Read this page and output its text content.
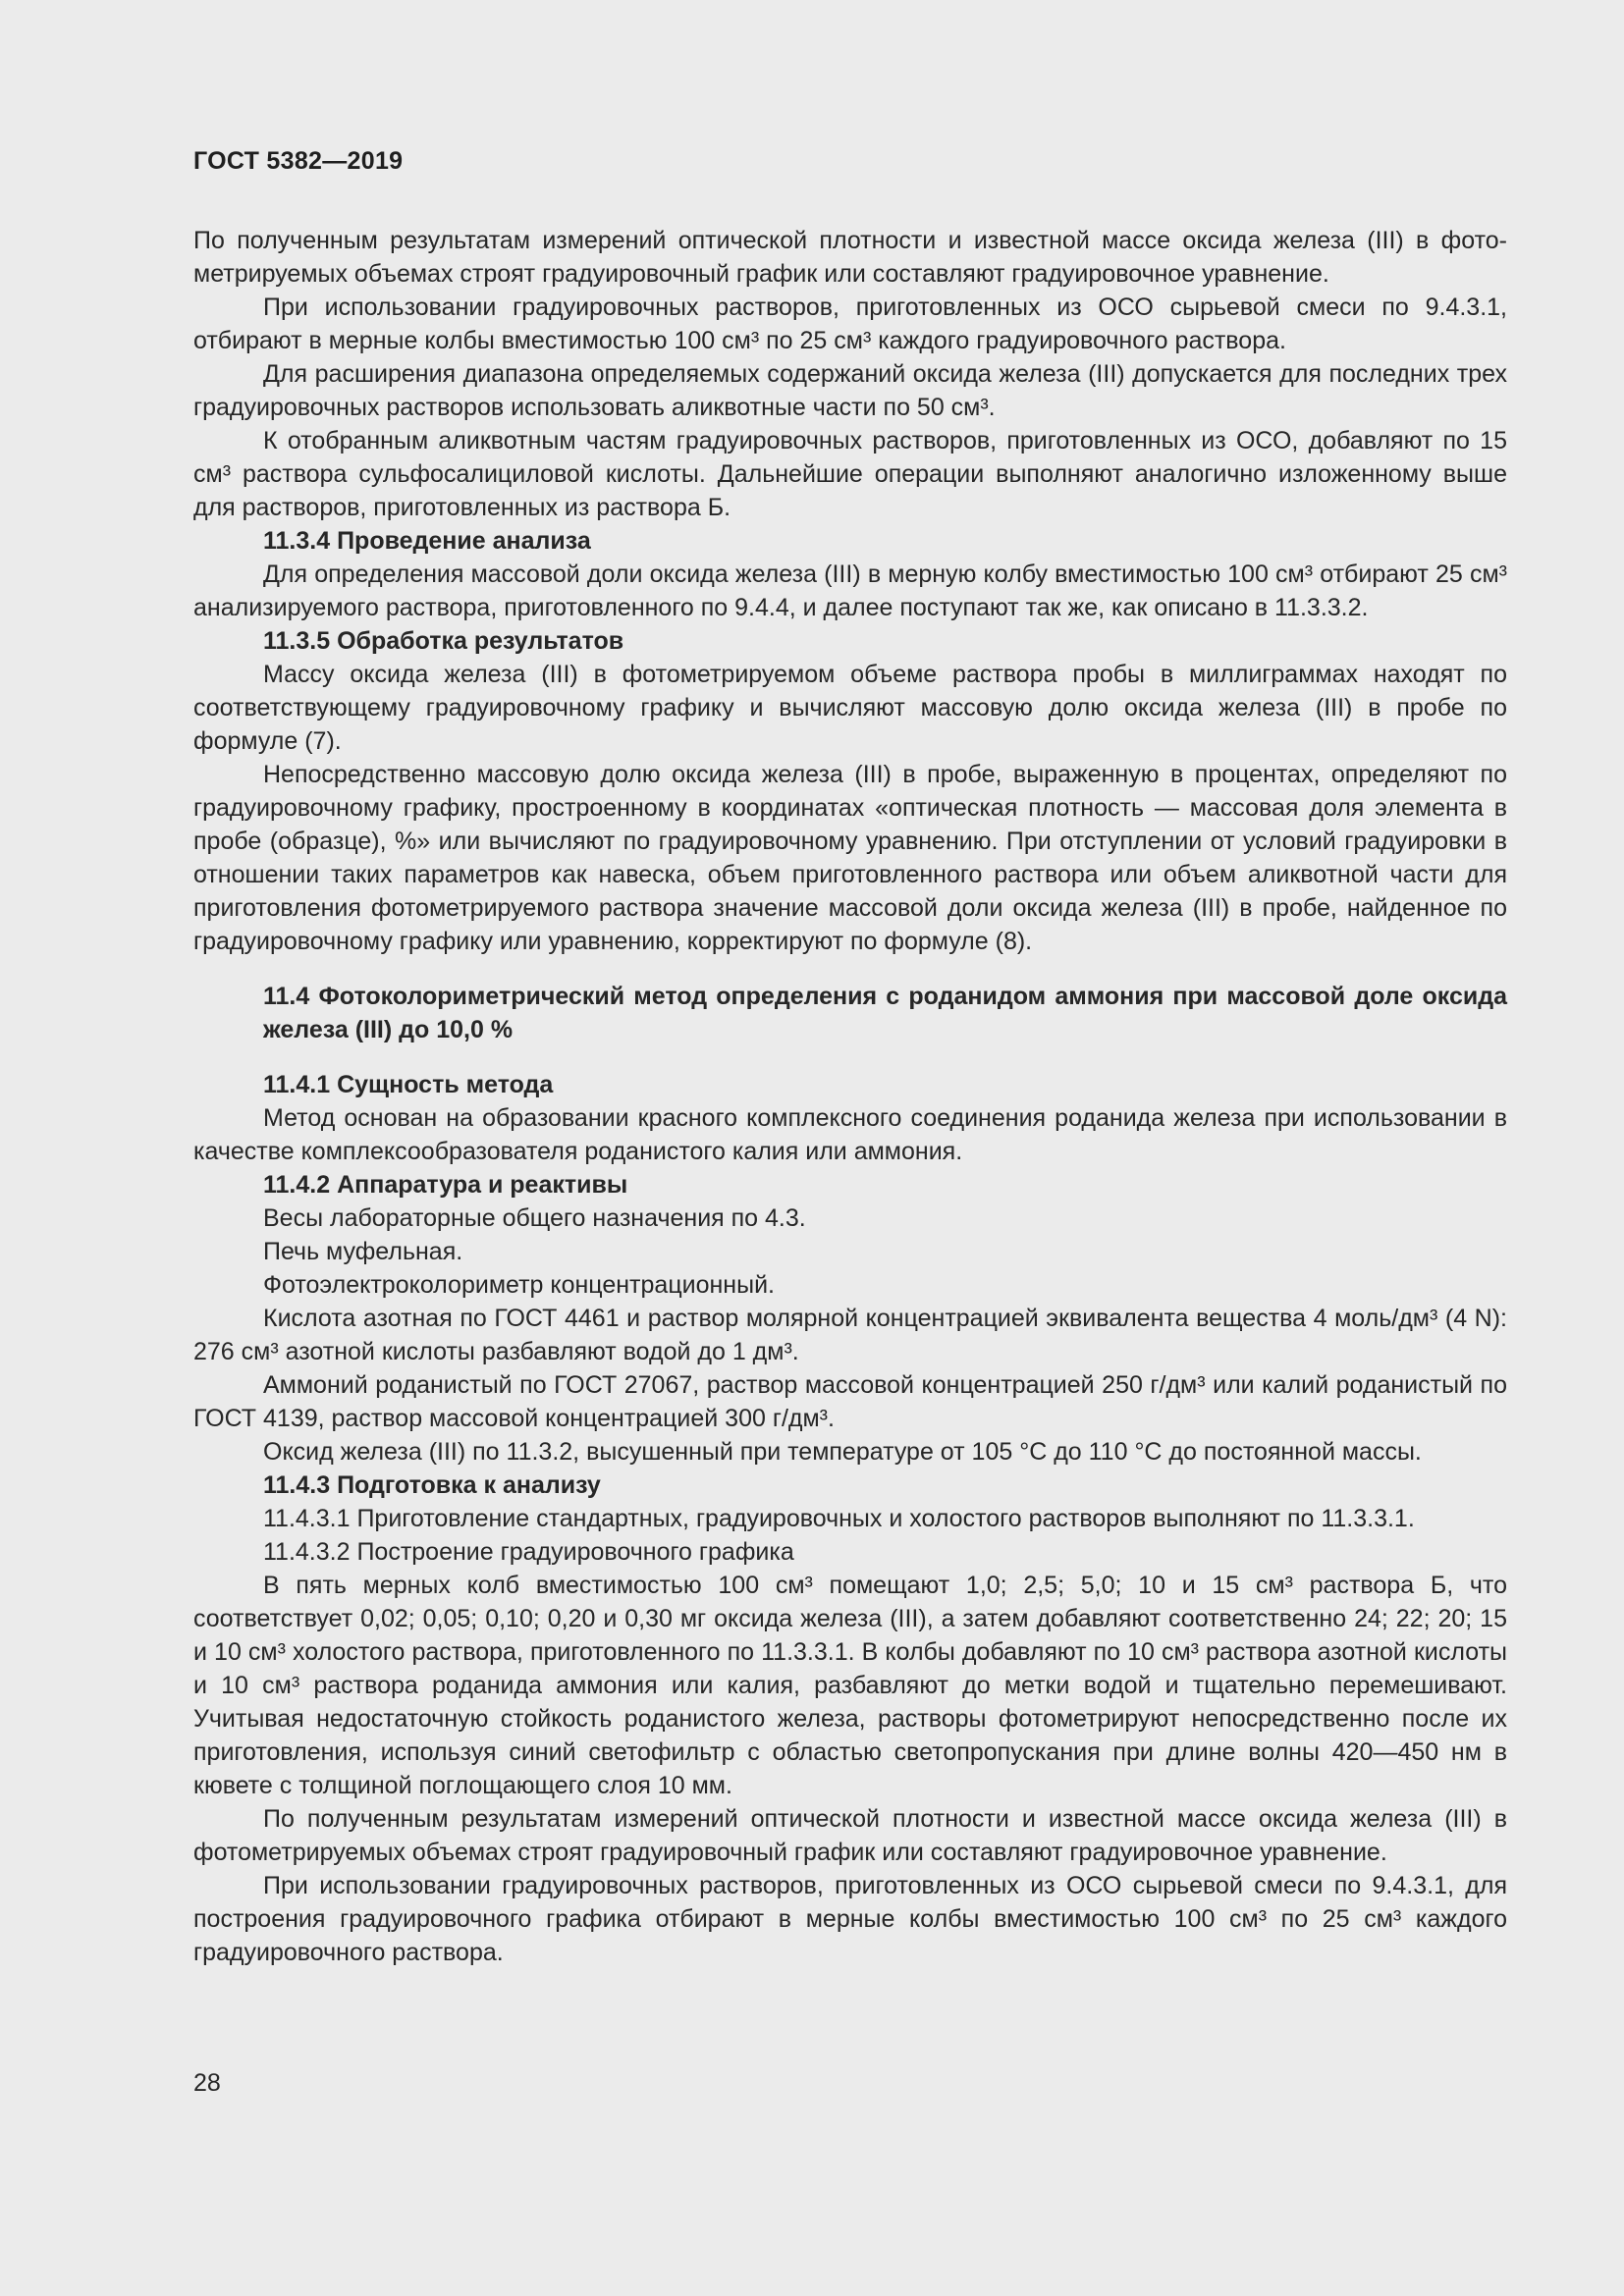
ГОСТ 5382—2019

По полученным результатам измерений оптической плотности и известной массе оксида железа (III) в фотометрируемых объемах строят градуировочный график или составляют градуировочное уравнение.

При использовании градуировочных растворов, приготовленных из ОСО сырьевой смеси по 9.4.3.1, отбирают в мерные колбы вместимостью 100 см³ по 25 см³ каждого градуировочного раствора.

Для расширения диапазона определяемых содержаний оксида железа (III) допускается для последних трех градуировочных растворов использовать аликвотные части по 50 см³.

К отобранным аликвотным частям градуировочных растворов, приготовленных из ОСО, добавляют по 15 см³ раствора сульфосалициловой кислоты. Дальнейшие операции выполняют аналогично изложенному выше для растворов, приготовленных из раствора Б.

11.3.4 Проведение анализа

Для определения массовой доли оксида железа (III) в мерную колбу вместимостью 100 см³ отбирают 25 см³ анализируемого раствора, приготовленного по 9.4.4, и далее поступают так же, как описано в 11.3.3.2.

11.3.5 Обработка результатов

Массу оксида железа (III) в фотометрируемом объеме раствора пробы в миллиграммах находят по соответствующему градуировочному графику и вычисляют массовую долю оксида железа (III) в пробе по формуле (7).

Непосредственно массовую долю оксида железа (III) в пробе, выраженную в процентах, определяют по градуировочному графику, простроенному в координатах «оптическая плотность — массовая доля элемента в пробе (образце), %» или вычисляют по градуировочному уравнению. При отступлении от условий градуировки в отношении таких параметров как навеска, объем приготовленного раствора или объем аликвотной части для приготовления фотометрируемого раствора значение массовой доли оксида железа (III) в пробе, найденное по градуировочному графику или уравнению, корректируют по формуле (8).

11.4 Фотоколориметрический метод определения с роданидом аммония при массовой доле оксида железа (III) до 10,0 %

11.4.1 Сущность метода

Метод основан на образовании красного комплексного соединения роданида железа при использовании в качестве комплексообразователя роданистого калия или аммония.

11.4.2 Аппаратура и реактивы

Весы лабораторные общего назначения по 4.3.

Печь муфельная.

Фотоэлектроколориметр концентрационный.

Кислота азотная по ГОСТ 4461 и раствор молярной концентрацией эквивалента вещества 4 моль/дм³ (4 N): 276 см³ азотной кислоты разбавляют водой до 1 дм³.

Аммоний роданистый по ГОСТ 27067, раствор массовой концентрацией 250 г/дм³ или калий роданистый по ГОСТ 4139, раствор массовой концентрацией 300 г/дм³.

Оксид железа (III) по 11.3.2, высушенный при температуре от 105 °С до 110 °С до постоянной массы.

11.4.3 Подготовка к анализу

11.4.3.1 Приготовление стандартных, градуировочных и холостого растворов выполняют по 11.3.3.1.

11.4.3.2 Построение градуировочного графика

В пять мерных колб вместимостью 100 см³ помещают 1,0; 2,5; 5,0; 10 и 15 см³ раствора Б, что соответствует 0,02; 0,05; 0,10; 0,20 и 0,30 мг оксида железа (III), а затем добавляют соответственно 24; 22; 20; 15 и 10 см³ холостого раствора, приготовленного по 11.3.3.1. В колбы добавляют по 10 см³ раствора азотной кислоты и 10 см³ раствора роданида аммония или калия, разбавляют до метки водой и тщательно перемешивают. Учитывая недостаточную стойкость роданистого железа, растворы фотометрируют непосредственно после их приготовления, используя синий светофильтр с областью светопропускания при длине волны 420—450 нм в кювете с толщиной поглощающего слоя 10 мм.

По полученным результатам измерений оптической плотности и известной массе оксида железа (III) в фотометрируемых объемах строят градуировочный график или составляют градуировочное уравнение.

При использовании градуировочных растворов, приготовленных из ОСО сырьевой смеси по 9.4.3.1, для построения градуировочного графика отбирают в мерные колбы вместимостью 100 см³ по 25 см³ каждого градуировочного раствора.

28
